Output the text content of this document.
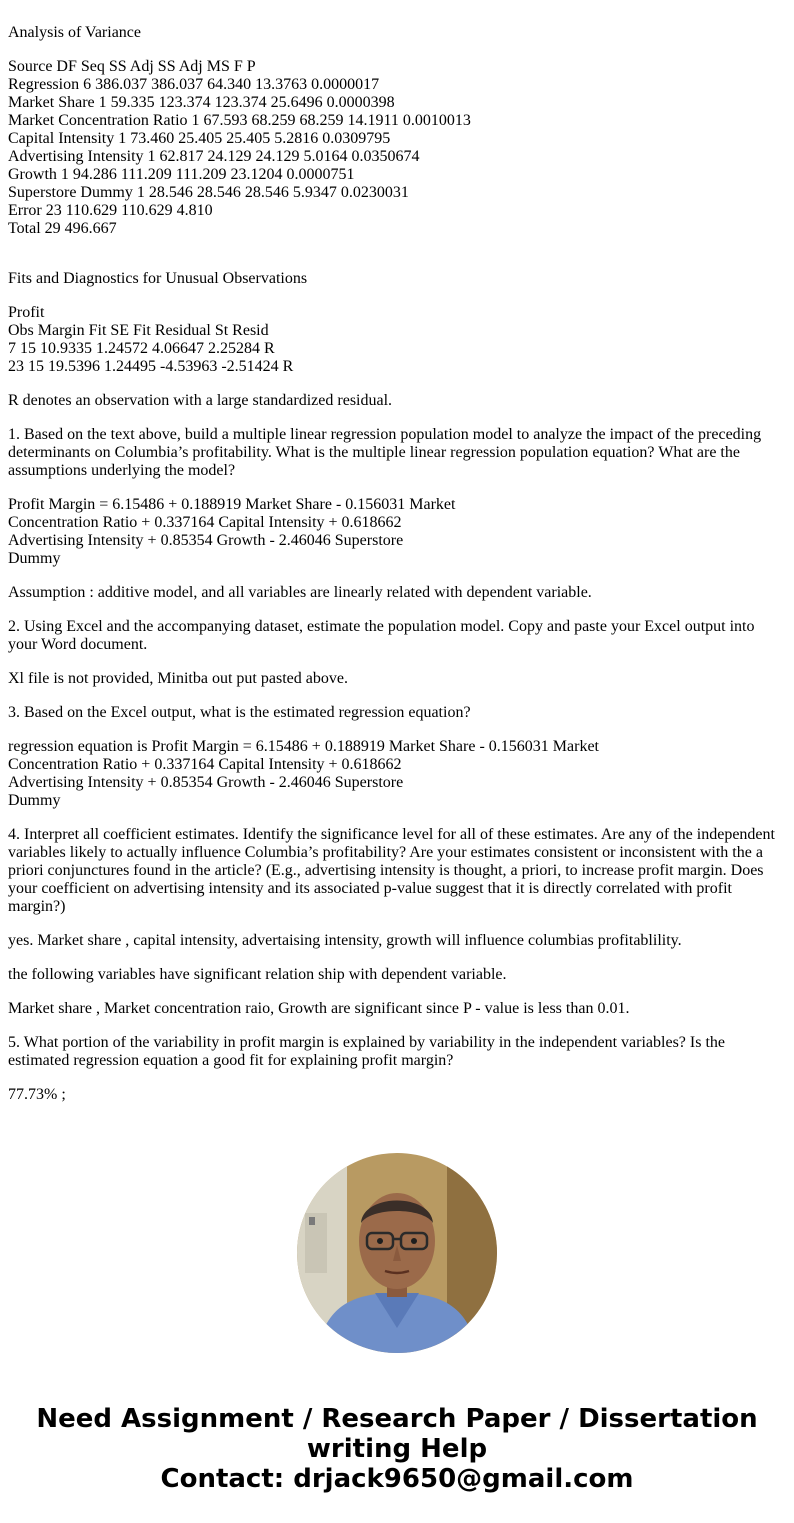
Analysis of Variance
Source DF Seq SS Adj SS Adj MS F P
Regression 6 386.037 386.037 64.340 13.3763 0.0000017
Market Share 1 59.335 123.374 123.374 25.6496 0.0000398
Market Concentration Ratio 1 67.593 68.259 68.259 14.1911 0.0010013
Capital Intensity 1 73.460 25.405 25.405 5.2816 0.0309795
Advertising Intensity 1 62.817 24.129 24.129 5.0164 0.0350674
Growth 1 94.286 111.209 111.209 23.1204 0.0000751
Superstore Dummy 1 28.546 28.546 28.546 5.9347 0.0230031
Error 23 110.629 110.629 4.810
Total 29 496.667
Fits and Diagnostics for Unusual Observations
Profit
Obs Margin Fit SE Fit Residual St Resid
7 15 10.9335 1.24572 4.06647 2.25284 R
23 15 19.5396 1.24495 -4.53963 -2.51424 R
R denotes an observation with a large standardized residual.
1. Based on the text above, build a multiple linear regression population model to analyze the impact of the preceding determinants on Columbia’s profitability. What is the multiple linear regression population equation? What are the assumptions underlying the model?
Profit Margin = 6.15486 + 0.188919 Market Share - 0.156031 Market
Concentration Ratio + 0.337164 Capital Intensity + 0.618662
Advertising Intensity + 0.85354 Growth - 2.46046 Superstore
Dummy
Assumption : additive model, and all variables are linearly related with dependent variable.
2. Using Excel and the accompanying dataset, estimate the population model. Copy and paste your Excel output into your Word document.
Xl file is not provided, Minitba out put pasted above.
3. Based on the Excel output, what is the estimated regression equation?
regression equation is Profit Margin = 6.15486 + 0.188919 Market Share - 0.156031 Market
Concentration Ratio + 0.337164 Capital Intensity + 0.618662
Advertising Intensity + 0.85354 Growth - 2.46046 Superstore
Dummy
4. Interpret all coefficient estimates. Identify the significance level for all of these estimates. Are any of the independent variables likely to actually influence Columbia’s profitability? Are your estimates consistent or inconsistent with the a priori conjunctures found in the article? (E.g., advertising intensity is thought, a priori, to increase profit margin. Does your coefficient on advertising intensity and its associated p-value suggest that it is directly correlated with profit margin?)
yes. Market share , capital intensity, advertaising intensity, growth will influence columbias profitablility.
the following variables have significant relation ship with dependent variable.
Market share , Market concentration raio, Growth are significant since P - value is less than 0.01.
5. What portion of the variability in profit margin is explained by variability in the independent variables? Is the estimated regression equation a good fit for explaining profit margin?
77.73% ;
Need Assignment / Research Paper / Dissertation
writing Help
Contact: drjack9650@gmail.com
